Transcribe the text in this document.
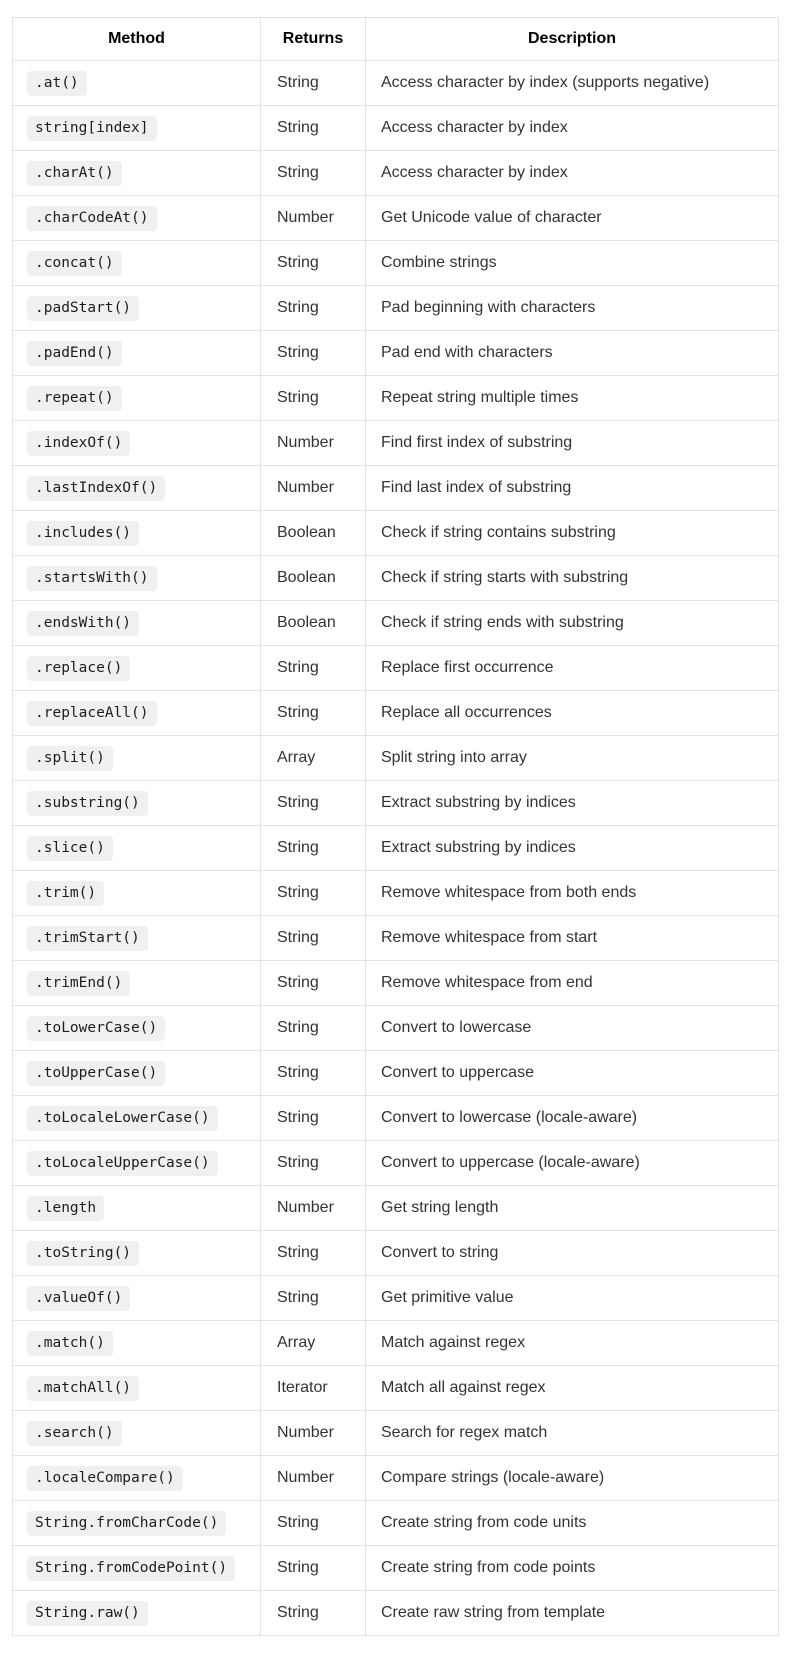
Method	Returns	Description
.at()	String	Access character by index (supports negative)
string[index]	String	Access character by index
.charAt()	String	Access character by index
.charCodeAt()	Number	Get Unicode value of character
.concat()	String	Combine strings
.padStart()	String	Pad beginning with characters
.padEnd()	String	Pad end with characters
.repeat()	String	Repeat string multiple times
.indexOf()	Number	Find first index of substring
.lastIndexOf()	Number	Find last index of substring
.includes()	Boolean	Check if string contains substring
.startsWith()	Boolean	Check if string starts with substring
.endsWith()	Boolean	Check if string ends with substring
.replace()	String	Replace first occurrence
.replaceAll()	String	Replace all occurrences
.split()	Array	Split string into array
.substring()	String	Extract substring by indices
.slice()	String	Extract substring by indices
.trim()	String	Remove whitespace from both ends
.trimStart()	String	Remove whitespace from start
.trimEnd()	String	Remove whitespace from end
.toLowerCase()	String	Convert to lowercase
.toUpperCase()	String	Convert to uppercase
.toLocaleLowerCase()	String	Convert to lowercase (locale-aware)
.toLocaleUpperCase()	String	Convert to uppercase (locale-aware)
.length	Number	Get string length
.toString()	String	Convert to string
.valueOf()	String	Get primitive value
.match()	Array	Match against regex
.matchAll()	Iterator	Match all against regex
.search()	Number	Search for regex match
.localeCompare()	Number	Compare strings (locale-aware)
String.fromCharCode()	String	Create string from code units
String.fromCodePoint()	String	Create string from code points
String.raw()	String	Create raw string from template
